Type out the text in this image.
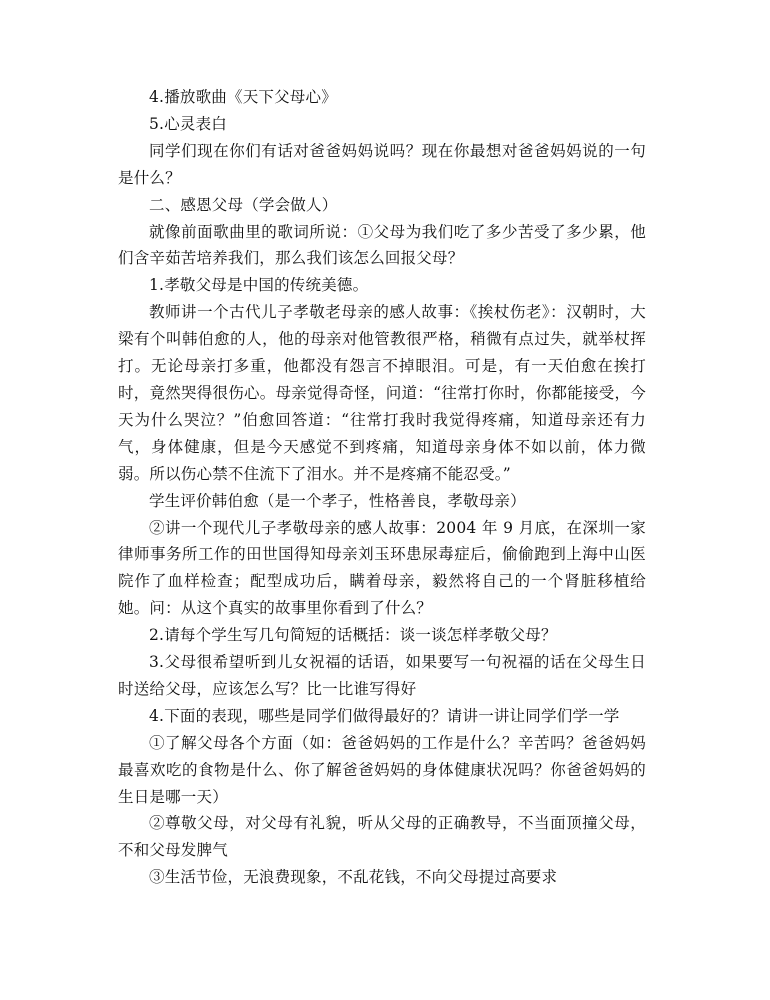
4.播放歌曲《天下父母心》

5.心灵表白

同学们现在你们有话对爸爸妈妈说吗？现在你最想对爸爸妈妈说的一句是什么？

二、感恩父母（学会做人）

就像前面歌曲里的歌词所说：①父母为我们吃了多少苦受了多少累，他们含辛茹苦培养我们，那么我们该怎么回报父母？

1.孝敬父母是中国的传统美德。

教师讲一个古代儿子孝敬老母亲的感人故事：《挨杖伤老》：汉朝时，大梁有个叫韩伯愈的人，他的母亲对他管教很严格，稍微有点过失，就举杖挥打。无论母亲打多重，他都没有怨言不掉眼泪。可是，有一天伯愈在挨打时，竟然哭得很伤心。母亲觉得奇怪，问道：“往常打你时，你都能接受，今天为什么哭泣？”伯愈回答道：“往常打我时我觉得疼痛，知道母亲还有力气，身体健康，但是今天感觉不到疼痛，知道母亲身体不如以前，体力微弱。所以伤心禁不住流下了泪水。并不是疼痛不能忍受。”

学生评价韩伯愈（是一个孝子，性格善良，孝敬母亲）

②讲一个现代儿子孝敬母亲的感人故事：2004 年 9 月底，在深圳一家律师事务所工作的田世国得知母亲刘玉环患尿毒症后，偷偷跑到上海中山医院作了血样检查；配型成功后，瞒着母亲，毅然将自己的一个肾脏移植给她。问：从这个真实的故事里你看到了什么？

2.请每个学生写几句简短的话概括：谈一谈怎样孝敬父母？

3.父母很希望听到儿女祝福的话语，如果要写一句祝福的话在父母生日时送给父母，应该怎么写？比一比谁写得好

4.下面的表现，哪些是同学们做得最好的？请讲一讲让同学们学一学

①了解父母各个方面（如：爸爸妈妈的工作是什么？辛苦吗？爸爸妈妈最喜欢吃的食物是什么、你了解爸爸妈妈的身体健康状况吗？你爸爸妈妈的生日是哪一天）

②尊敬父母，对父母有礼貌，听从父母的正确教导，不当面顶撞父母，不和父母发脾气

③生活节俭，无浪费现象，不乱花钱，不向父母提过高要求
